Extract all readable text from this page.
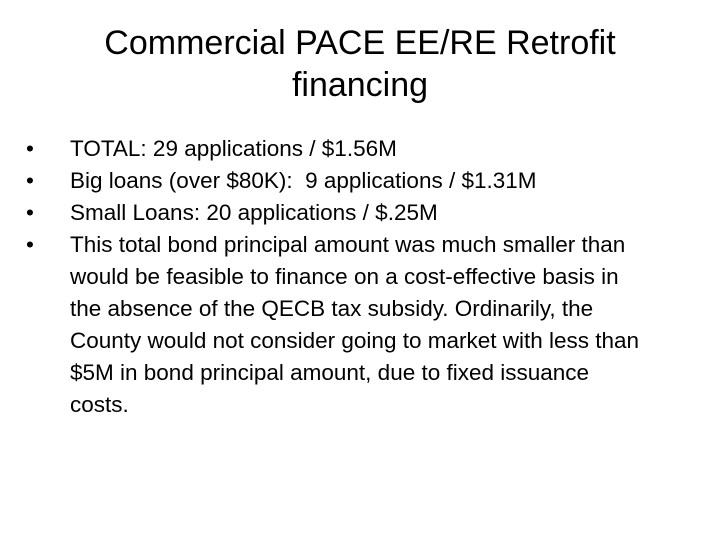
Commercial PACE EE/RE Retrofit financing
•	TOTAL: 29 applications / $1.56M
•	Big loans (over $80K):  9 applications / $1.31M
•	Small Loans: 20 applications / $.25M
•	This total bond principal amount was much smaller than would be feasible to finance on a cost-effective basis in the absence of the QECB tax subsidy. Ordinarily, the County would not consider going to market with less than $5M in bond principal amount, due to fixed issuance costs.
